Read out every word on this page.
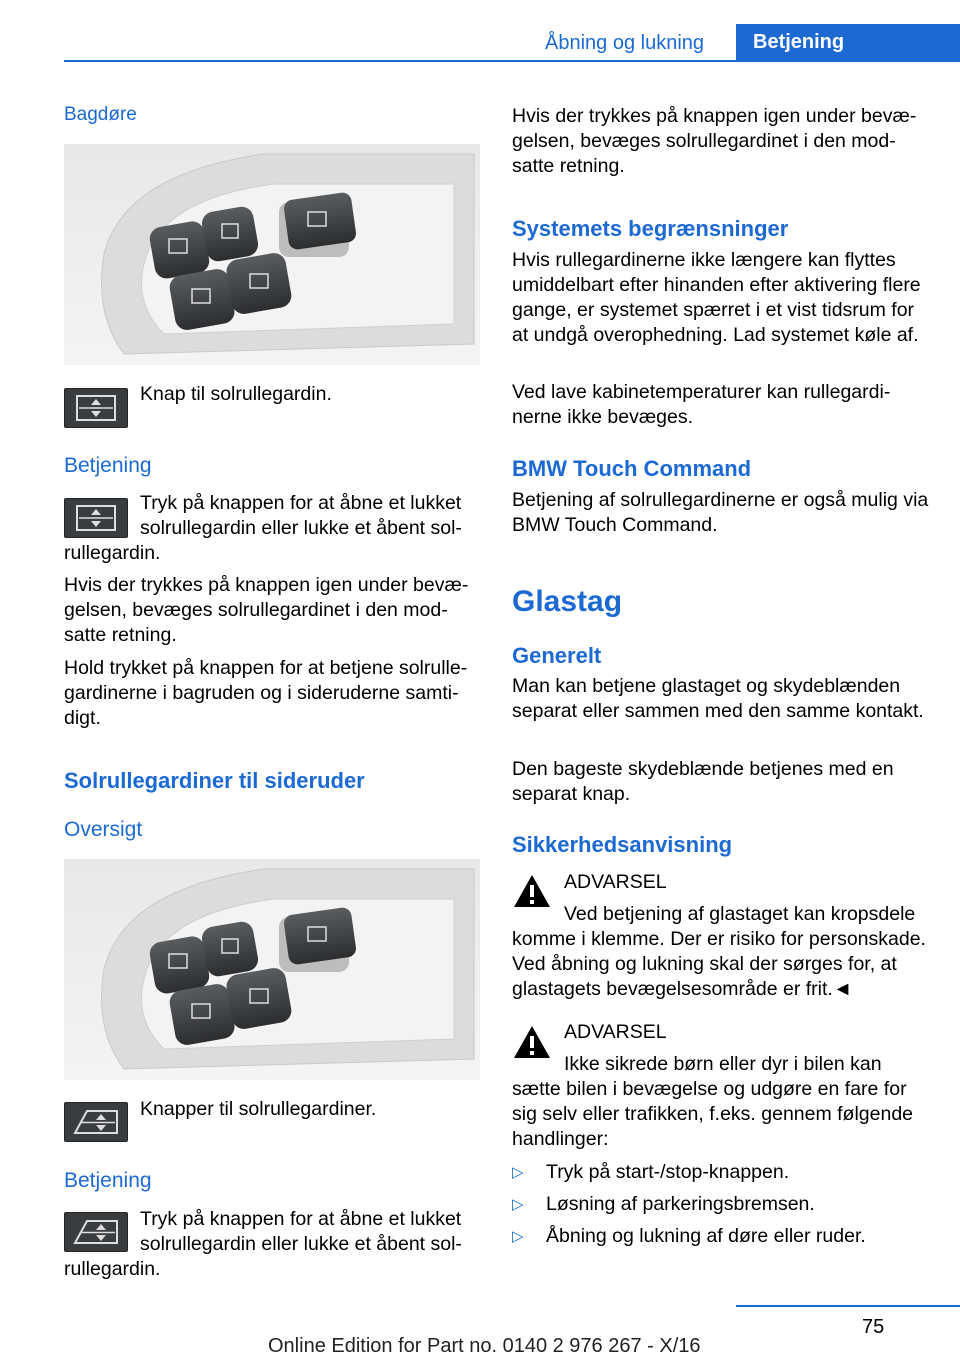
Åbning og lukning	Betjening
Bagdøre
Knap til solrullegardin.
Betjening
Tryk på knappen for at åbne et lukket
solrullegardin eller lukke et åbent sol-
rullegardin.
Hvis der trykkes på knappen igen under bevægelsen, bevæges solrullegardinet i den modsatte retning.
Hold trykket på knappen for at betjene solrullegardinerne i bagruden og i sideruderne samtidigt.
Solrullegardiner til sideruder
Oversigt
Knapper til solrullegardiner.
Betjening
Tryk på knappen for at åbne et lukket
solrullegardin eller lukke et åbent sol-
rullegardin.
Hvis der trykkes på knappen igen under bevægelsen, bevæges solrullegardinet i den modsatte retning.
Systemets begrænsninger
Hvis rullegardinerne ikke længere kan flyttes umiddelbart efter hinanden efter aktivering flere gange, er systemet spærret i et vist tidsrum for at undgå overophedning. Lad systemet køle af.
Ved lave kabinetemperaturer kan rullegardinerne ikke bevæges.
BMW Touch Command
Betjening af solrullegardinerne er også mulig via BMW Touch Command.
Glastag
Generelt
Man kan betjene glastaget og skydeblænden separat eller sammen med den samme kontakt.
Den bageste skydeblænde betjenes med en separat knap.
Sikkerhedsanvisning
ADVARSEL
Ved betjening af glastaget kan kropsdele
komme i klemme. Der er risiko for personskade. Ved åbning og lukning skal der sørges for, at glastagets bevægelsesområde er frit.◄
ADVARSEL
Ikke sikrede børn eller dyr i bilen kan
sætte bilen i bevægelse og udgøre en fare for sig selv eller trafikken, f.eks. gennem følgende handlinger:
▷ Tryk på start-/stop-knappen.
▷ Løsning af parkeringsbremsen.
▷ Åbning og lukning af døre eller ruder.
75
Online Edition for Part no. 0140 2 976 267 - X/16
